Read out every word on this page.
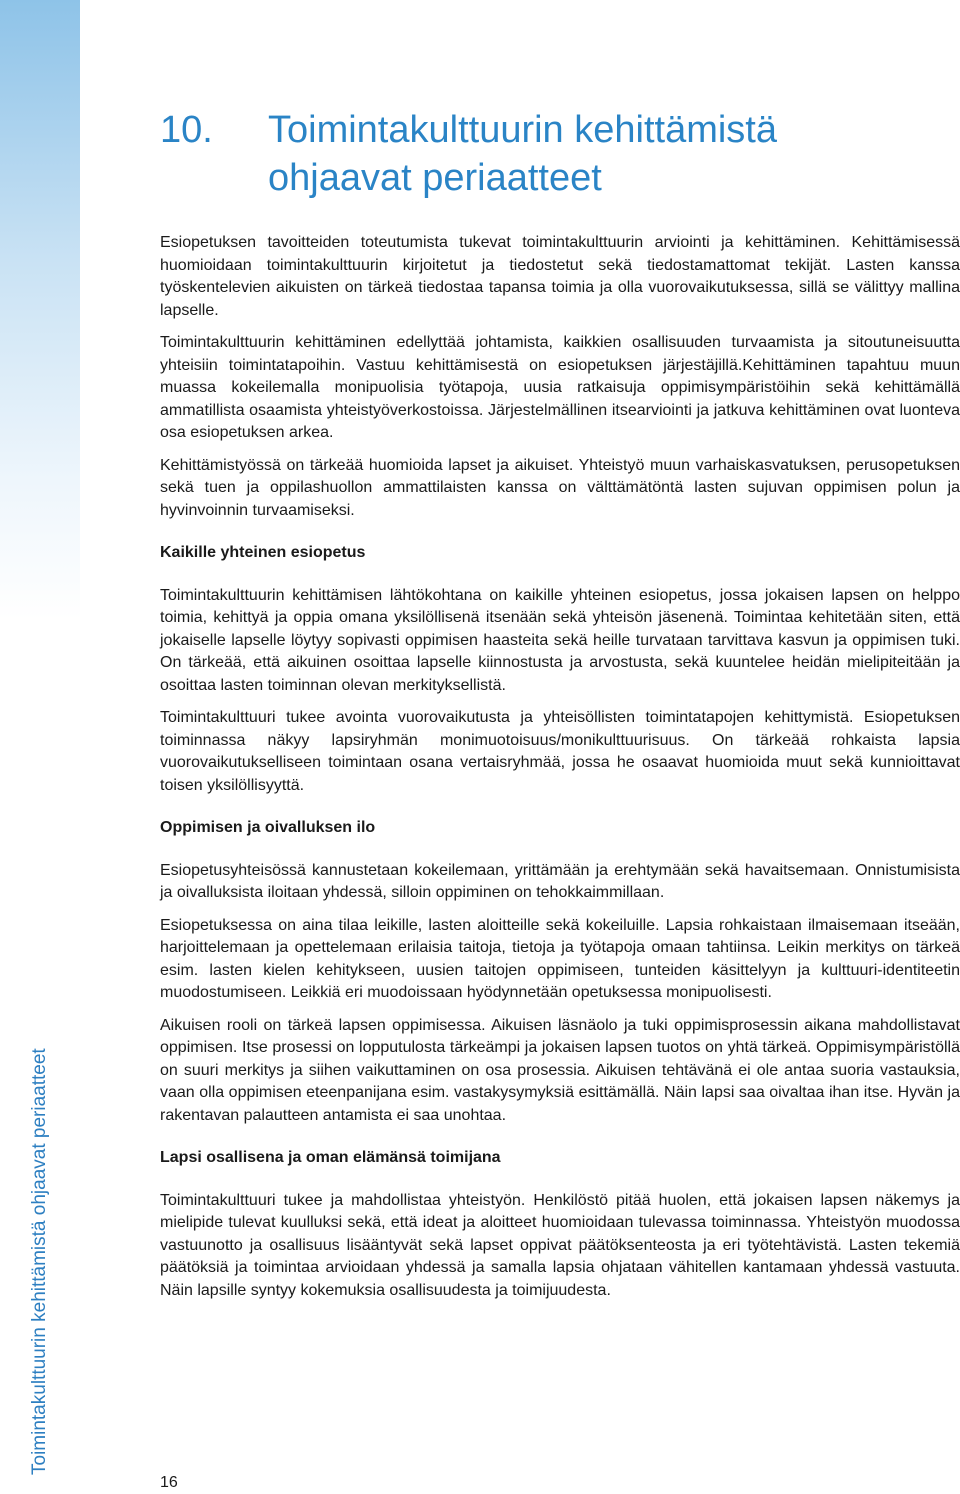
Toimintakulttuurin kehittämistä ohjaavat periaatteet
10. Toimintakulttuurin kehittämistä ohjaavat periaatteet

Esiopetuksen tavoitteiden toteutumista tukevat toimintakulttuurin arviointi ja kehittäminen. Kehittämisessä huomioidaan toimintakulttuurin kirjoitetut ja tiedostetut sekä tiedostamattomat tekijät. Lasten kanssa työskentelevien aikuisten on tärkeä tiedostaa tapansa toimia ja olla vuorovaikutuksessa, sillä se välittyy mallina lapselle.

Toimintakulttuurin kehittäminen edellyttää johtamista, kaikkien osallisuuden turvaamista ja sitoutuneisuutta yhteisiin toimintatapoihin. Vastuu kehittämisestä on esiopetuksen järjestäjillä.Kehittäminen tapahtuu muun muassa kokeilemalla monipuolisia työtapoja, uusia ratkaisuja oppimisympäristöihin sekä kehittämällä ammatillista osaamista yhteistyöverkostoissa. Järjestelmällinen itsearviointi ja jatkuva kehittäminen ovat luonteva osa esiopetuksen arkea.

Kehittämistyössä on tärkeää huomioida lapset ja aikuiset. Yhteistyö muun varhaiskasvatuksen, perusopetuksen sekä tuen ja oppilashuollon ammattilaisten kanssa on välttämätöntä lasten sujuvan oppimisen polun ja hyvinvoinnin turvaamiseksi.

Kaikille yhteinen esiopetus

Toimintakulttuurin kehittämisen lähtökohtana on kaikille yhteinen esiopetus, jossa jokaisen lapsen on helppo toimia, kehittyä ja oppia omana yksilöllisenä itsenään sekä yhteisön jäsenenä. Toimintaa kehitetään siten, että jokaiselle lapselle löytyy sopivasti oppimisen haasteita sekä heille turvataan tarvittava kasvun ja oppimisen tuki. On tärkeää, että aikuinen osoittaa lapselle kiinnostusta ja arvostusta, sekä kuuntelee heidän mielipiteitään ja osoittaa lasten toiminnan olevan merkityksellistä.

Toimintakulttuuri tukee avointa vuorovaikutusta ja yhteisöllisten toimintatapojen kehittymistä. Esiopetuksen toiminnassa näkyy lapsiryhmän monimuotoisuus/monikulttuurisuus. On tärkeää rohkaista lapsia vuorovaikutukselliseen toimintaan osana vertaisryhmää, jossa he osaavat huomioida muut sekä kunnioittavat toisen yksilöllisyyttä.

Oppimisen ja oivalluksen ilo

Esiopetusyhteisössä kannustetaan kokeilemaan, yrittämään ja erehtymään sekä havaitsemaan. Onnistumisista ja oivalluksista iloitaan yhdessä, silloin oppiminen on tehokkaimmillaan.

Esiopetuksessa on aina tilaa leikille, lasten aloitteille sekä kokeiluille. Lapsia rohkaistaan ilmaisemaan itseään, harjoittelemaan ja opettelemaan erilaisia taitoja, tietoja ja työtapoja omaan tahtiinsa. Leikin merkitys on tärkeä esim. lasten kielen kehitykseen, uusien taitojen oppimiseen, tunteiden käsittelyyn ja kulttuuri-identiteetin muodostumiseen. Leikkiä eri muodoissaan hyödynnetään opetuksessa monipuolisesti.

Aikuisen rooli on tärkeä lapsen oppimisessa. Aikuisen läsnäolo ja tuki oppimisprosessin aikana mahdollistavat oppimisen. Itse prosessi on lopputulosta tärkeämpi ja jokaisen lapsen tuotos on yhtä tärkeä. Oppimisympäristöllä on suuri merkitys ja siihen vaikuttaminen on osa prosessia. Aikuisen tehtävänä ei ole antaa suoria vastauksia, vaan olla oppimisen eteenpanijana esim. vastakysymyksiä esittämällä. Näin lapsi saa oivaltaa ihan itse. Hyvän ja rakentavan palautteen antamista ei saa unohtaa.

Lapsi osallisena ja oman elämänsä toimijana

Toimintakulttuuri tukee ja mahdollistaa yhteistyön. Henkilöstö pitää huolen, että jokaisen lapsen näkemys ja mielipide tulevat kuulluksi sekä, että ideat ja aloitteet huomioidaan tulevassa toiminnassa. Yhteistyön muodossa vastuunotto ja osallisuus lisääntyvät sekä lapset oppivat päätöksenteosta ja eri työtehtävistä. Lasten tekemiä päätöksiä ja toimintaa arvioidaan yhdessä ja samalla lapsia ohjataan vähitellen kantamaan yhdessä vastuuta. Näin lapsille syntyy kokemuksia osallisuudesta ja toimijuudesta.

16
